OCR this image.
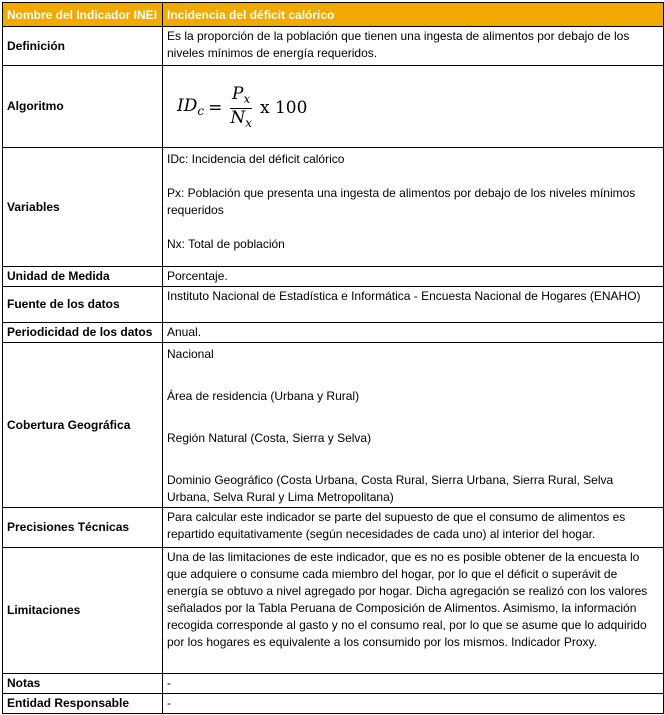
Nombre del Indicador INEI	Incidencia del déficit calórico
Definición	Es la proporción de la población que tienen una ingesta de alimentos por debajo de los niveles mínimos de energía requeridos.
Algoritmo	$ID_c = \frac{P_x}{N_x}$ x 100

Variables	IDc: Incidencia del déficit calórico

Px: Población que presenta una ingesta de alimentos por debajo de los niveles mínimos requeridos

Nx: Total de población

Unidad de Medida	Porcentaje.
Fuente de los datos	Instituto Nacional de Estadística e Informática - Encuesta Nacional de Hogares (ENAHO)
Periodicidad de los datos	Anual.
Cobertura Geográfica	Nacional

Área de residencia (Urbana y Rural)

Región Natural (Costa, Sierra y Selva)

Dominio Geográfico (Costa Urbana, Costa Rural, Sierra Urbana, Sierra Rural, Selva Urbana, Selva Rural y Lima Metropolitana)

Precisiones Técnicas	Para calcular este indicador se parte del supuesto de que el consumo de alimentos es repartido equitativamente (según necesidades de cada uno) al interior del hogar.
Limitaciones	Una de las limitaciones de este indicador, que es no es posible obtener de la encuesta lo que adquiere o consume cada miembro del hogar, por lo que el déficit o superávit de energía se obtuvo a nivel agregado por hogar. Dicha agregación se realizó con los valores señalados por la Tabla Peruana de Composición de Alimentos. Asimismo, la información recogida corresponde al gasto y no el consumo real, por lo que se asume que lo adquirido por los hogares es equivalente a los consumido por los mismos. Indicador Proxy.
Notas	-
Entidad Responsable	-
